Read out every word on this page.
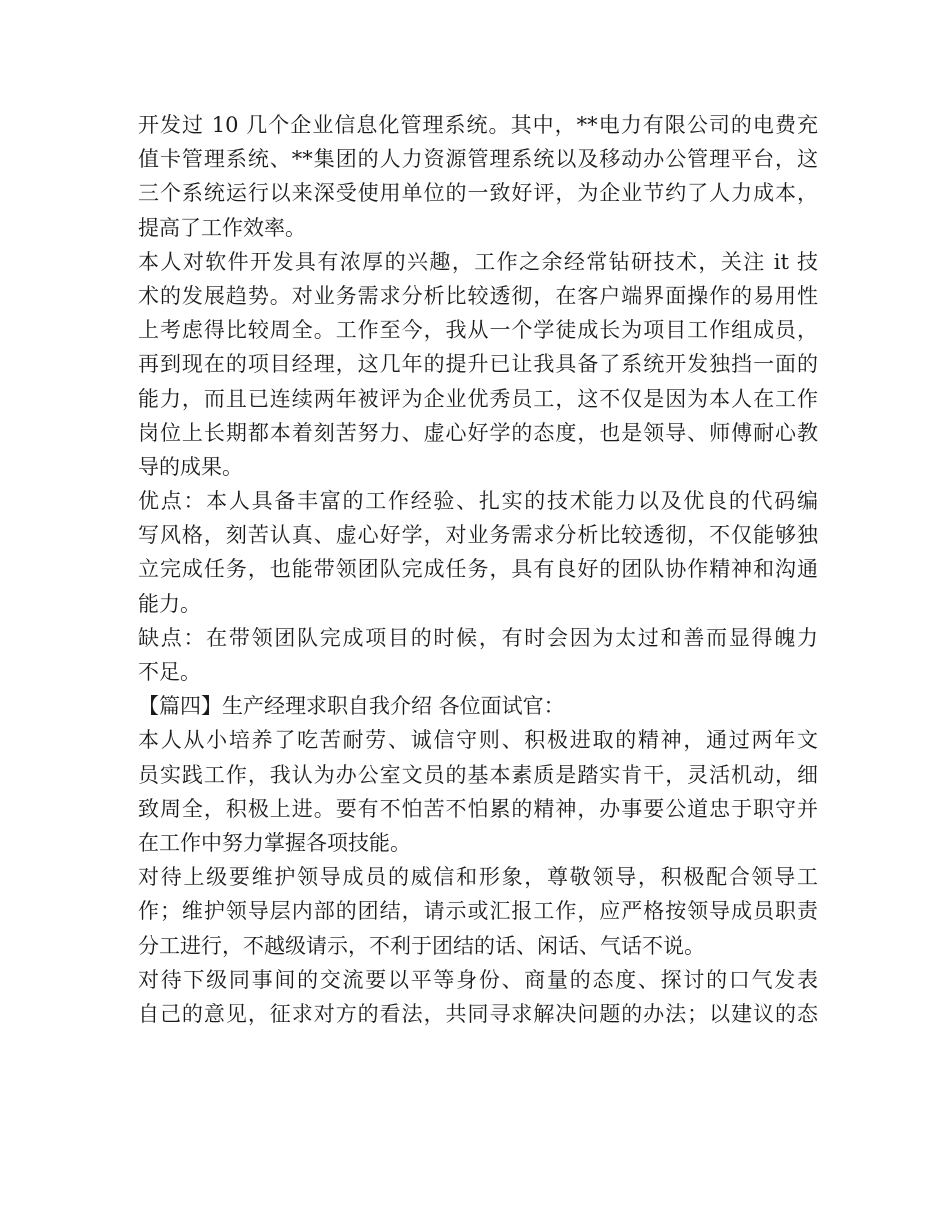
开发过 10 几个企业信息化管理系统。其中，**电力有限公司的电费充
值卡管理系统、**集团的人力资源管理系统以及移动办公管理平台，这
三个系统运行以来深受使用单位的一致好评，为企业节约了人力成本，
提高了工作效率。
本人对软件开发具有浓厚的兴趣，工作之余经常钻研技术，关注 it 技
术的发展趋势。对业务需求分析比较透彻，在客户端界面操作的易用性
上考虑得比较周全。工作至今，我从一个学徒成长为项目工作组成员，
再到现在的项目经理，这几年的提升已让我具备了系统开发独挡一面的
能力，而且已连续两年被评为企业优秀员工，这不仅是因为本人在工作
岗位上长期都本着刻苦努力、虚心好学的态度，也是领导、师傅耐心教
导的成果。
优点：本人具备丰富的工作经验、扎实的技术能力以及优良的代码编
写风格，刻苦认真、虚心好学，对业务需求分析比较透彻，不仅能够独
立完成任务，也能带领团队完成任务，具有良好的团队协作精神和沟通
能力。
缺点：在带领团队完成项目的时候，有时会因为太过和善而显得魄力
不足。
【篇四】生产经理求职自我介绍 各位面试官：
本人从小培养了吃苦耐劳、诚信守则、积极进取的精神，通过两年文
员实践工作，我认为办公室文员的基本素质是踏实肯干，灵活机动，细
致周全，积极上进。要有不怕苦不怕累的精神，办事要公道忠于职守并
在工作中努力掌握各项技能。
对待上级要维护领导成员的威信和形象，尊敬领导，积极配合领导工
作；维护领导层内部的团结，请示或汇报工作，应严格按领导成员职责
分工进行，不越级请示，不利于团结的话、闲话、气话不说。
对待下级同事间的交流要以平等身份、商量的态度、探讨的口气发表
自己的意见，征求对方的看法，共同寻求解决问题的办法；以建议的态
